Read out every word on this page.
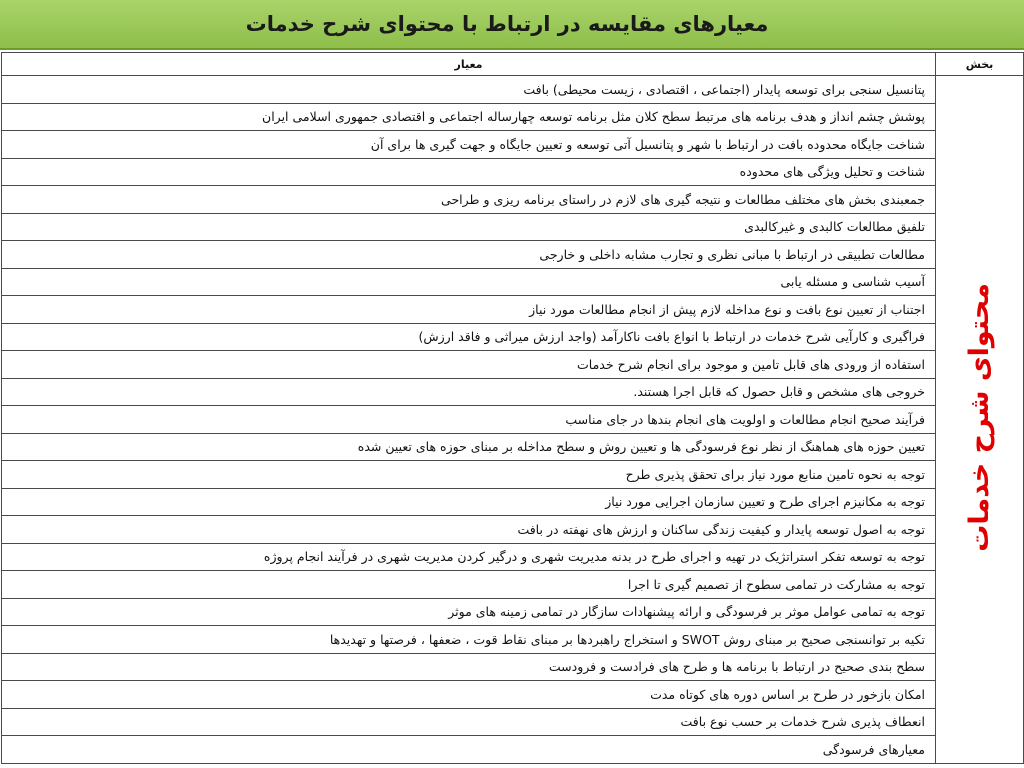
معیارهای مقایسه در ارتباط با محتوای شرح خدمات
بخش	معیار
محتوای شرح خدمات	پتانسیل سنجی برای توسعه پایدار (اجتماعی ، اقتصادی ، زیست محیطی) بافت
	پوشش چشم انداز و هدف برنامه های مرتبط سطح کلان مثل برنامه توسعه چهارساله اجتماعی و اقتصادی جمهوری اسلامی ایران
	شناخت جایگاه محدوده بافت در ارتباط با شهر و پتانسیل آتی توسعه و تعیین جایگاه و جهت گیری ها برای آن
	شناخت و تحلیل ویژگی های محدوده
	جمعبندی بخش های مختلف مطالعات و نتیجه گیری های لازم در راستای برنامه ریزی و طراحی
	تلفیق مطالعات کالبدی و غیرکالبدی
	مطالعات تطبیقی در ارتباط با مبانی نظری و تجارب مشابه داخلی و خارجی
	آسیب شناسی و مسئله یابی
	اجتناب از تعیین نوع بافت و نوع مداخله لازم پیش از انجام مطالعات مورد نیاز
	فراگیری و کارآیی شرح خدمات در ارتباط با انواع بافت ناکارآمد (واجد ارزش میراثی و فاقد ارزش)
	استفاده از ورودی های قابل تامین و موجود برای انجام شرح خدمات
	خروجی های مشخص و قابل حصول که قابل اجرا هستند.
	فرآیند صحیح انجام مطالعات و اولویت های انجام بندها در جای مناسب
	تعیین حوزه های هماهنگ از نظر نوع فرسودگی ها و تعیین روش و سطح مداخله بر مبنای حوزه های تعیین شده
	توجه به نحوه تامین منابع مورد نیاز برای تحقق پذیری طرح
	توجه به مکانیزم اجرای طرح و تعیین سازمان اجرایی مورد نیاز
	توجه به اصول توسعه پایدار و کیفیت زندگی ساکنان و ارزش های نهفته در بافت
	توجه به توسعه تفکر استراتژیک در تهیه و اجرای طرح در بدنه مدیریت شهری و درگیر کردن مدیریت شهری در فرآیند انجام پروژه
	توجه به مشارکت در تمامی سطوح از تصمیم گیری تا اجرا
	توجه به تمامی عوامل موثر بر فرسودگی و ارائه پیشنهادات سازگار در تمامی زمینه های موثر
	تکیه بر توانسنجی صحیح بر مبنای روش SWOT و استخراج راهبردها بر مبنای نقاط قوت ، ضعفها ، فرصتها و تهدیدها
	سطح بندی صحیح در ارتباط با برنامه ها و طرح های فرادست و فرودست
	امکان بازخور در طرح بر اساس دوره های کوتاه مدت
	انعطاف پذیری شرح خدمات بر حسب نوع بافت
	معیارهای فرسودگی
